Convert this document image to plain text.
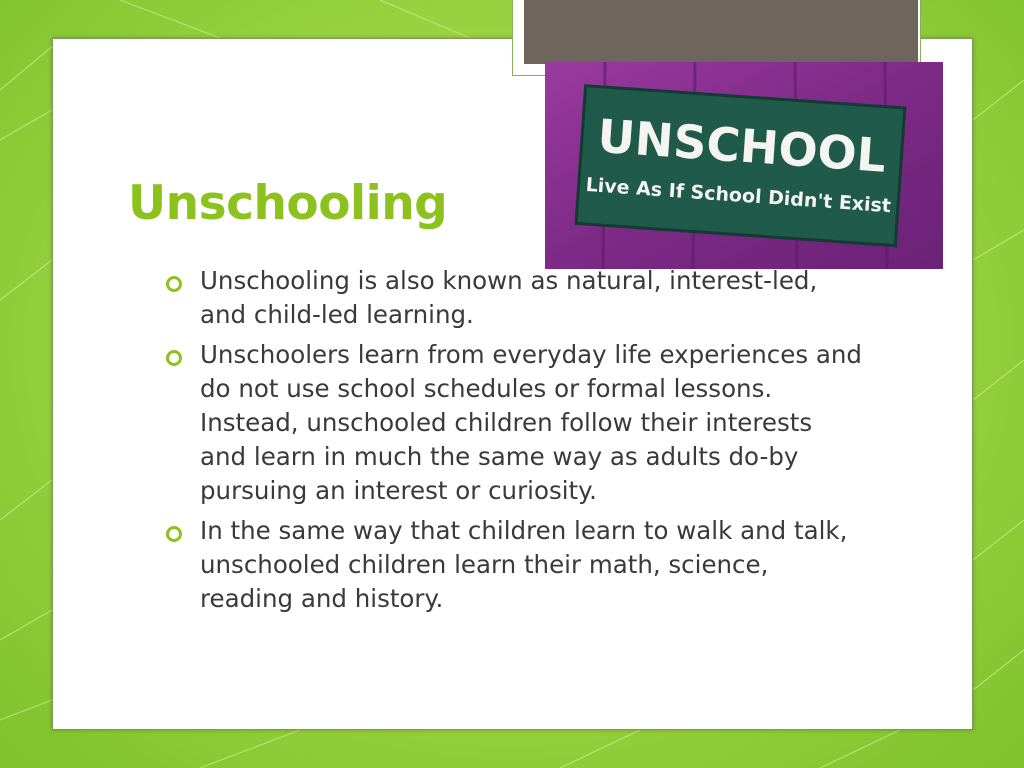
UNSCHOOL
Live As If School Didn't Exist
Unschooling
Unschooling is also known as natural, interest-led, and child-led learning.
Unschoolers learn from everyday life experiences and do not use school schedules or formal lessons. Instead, unschooled children follow their interests and learn in much the same way as adults do-by pursuing an interest or curiosity.
In the same way that children learn to walk and talk, unschooled children learn their math, science, reading and history.
